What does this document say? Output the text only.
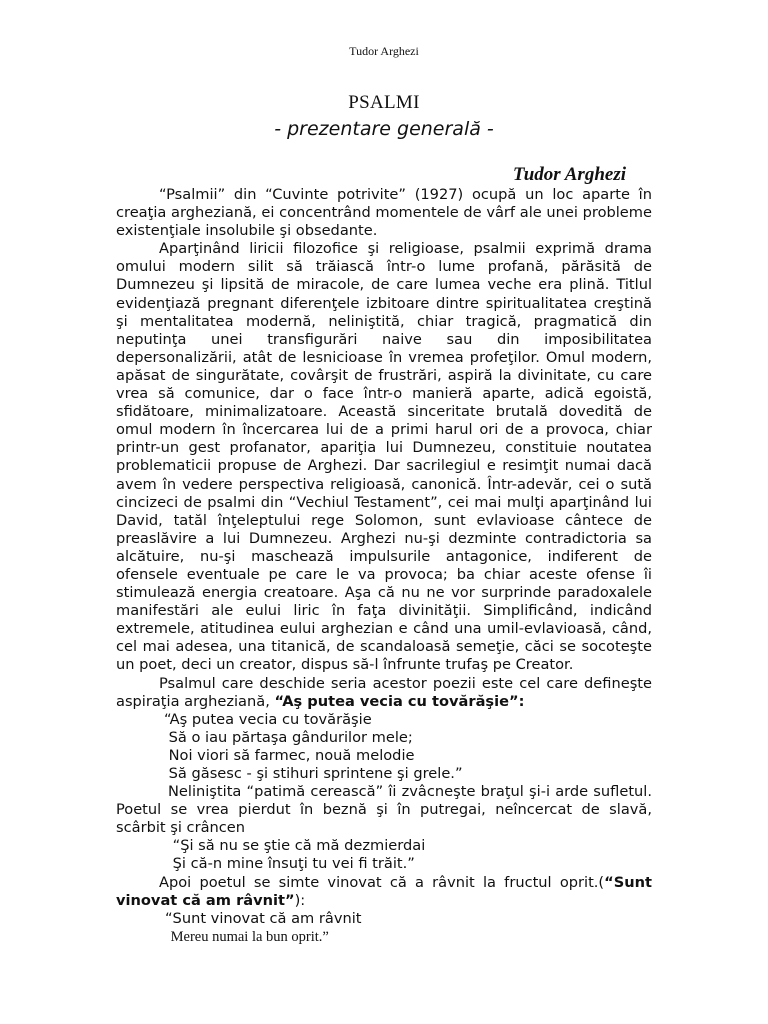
Tudor Arghezi
PSALMI
- prezentare generală -
Tudor Arghezi

“Psalmii” din “Cuvinte potrivite” (1927) ocupă un loc aparte în creaţia argheziană, ei concentrând momentele de vârf ale unei probleme existenţiale insolubile şi obsedante.

Aparţinând liricii filozofice şi religioase, psalmii exprimă drama omului modern silit să trăiască într-o lume profană, părăsită de Dumnezeu şi lipsită de miracole, de care lumea veche era plină. Titlul evidenţiază pregnant diferenţele izbitoare dintre spiritualitatea creştină şi mentalitatea modernă, neliniştită, chiar tragică, pragmatică din neputinţa unei transfigurări naive sau din imposibilitatea depersonalizării, atât de lesnicioase în vremea profeţilor. Omul modern, apăsat de singurătate, covârşit de frustrări, aspiră la divinitate, cu care vrea să comunice, dar o face într-o manieră aparte, adică egoistă, sfidătoare, minimalizatoare. Această sinceritate brutală dovedită de omul modern în încercarea lui de a primi harul ori de a provoca, chiar printr-un gest profanator, apariţia lui Dumnezeu, constituie noutatea problematicii propuse de Arghezi. Dar sacrilegiul e resimţit numai dacă avem în vedere perspectiva religioasă, canonică. Într-adevăr, cei o sută cincizeci de psalmi din “Vechiul Testament”, cei mai mulţi aparţinând lui David, tatăl înţeleptului rege Solomon, sunt evlavioase cântece de preaslăvire a lui Dumnezeu. Arghezi nu-şi dezminte contradictoria sa alcătuire, nu-şi maschează impulsurile antagonice, indiferent de ofensele eventuale pe care le va provoca; ba chiar aceste ofense îi stimulează energia creatoare. Aşa că nu ne vor surprinde paradoxalele manifestări ale eului liric în faţa divinităţii. Simplificând, indicând extremele, atitudinea eului arghezian e când una umil-evlavioasă, când, cel mai adesea, una titanică, de scandaloasă semeţie, căci se socoteşte un poet, deci un creator, dispus să-l înfrunte trufaş pe Creator.

Psalmul care deschide seria acestor poezii este cel care defineşte aspiraţia argheziană, “Aş putea vecia cu tovărăşie”:

“Aş putea vecia cu tovărăşie
Să o iau părtaşa gândurilor mele;
Noi viori să farmec, nouă melodie
Să găsesc - şi stihuri sprintene şi grele.”

Neliniştita “patimă cerească” îi zvâcneşte braţul şi-i arde sufletul. Poetul se vrea pierdut în beznă şi în putregai, neîncercat de slavă, scârbit şi crâncen

“Şi să nu se ştie că mă dezmierdai
Şi că-n mine însuţi tu vei fi trăit.”

Apoi poetul se simte vinovat că a râvnit la fructul oprit.(“Sunt vinovat că am râvnit”):

“Sunt vinovat că am râvnit
Mereu numai la bun oprit.”
